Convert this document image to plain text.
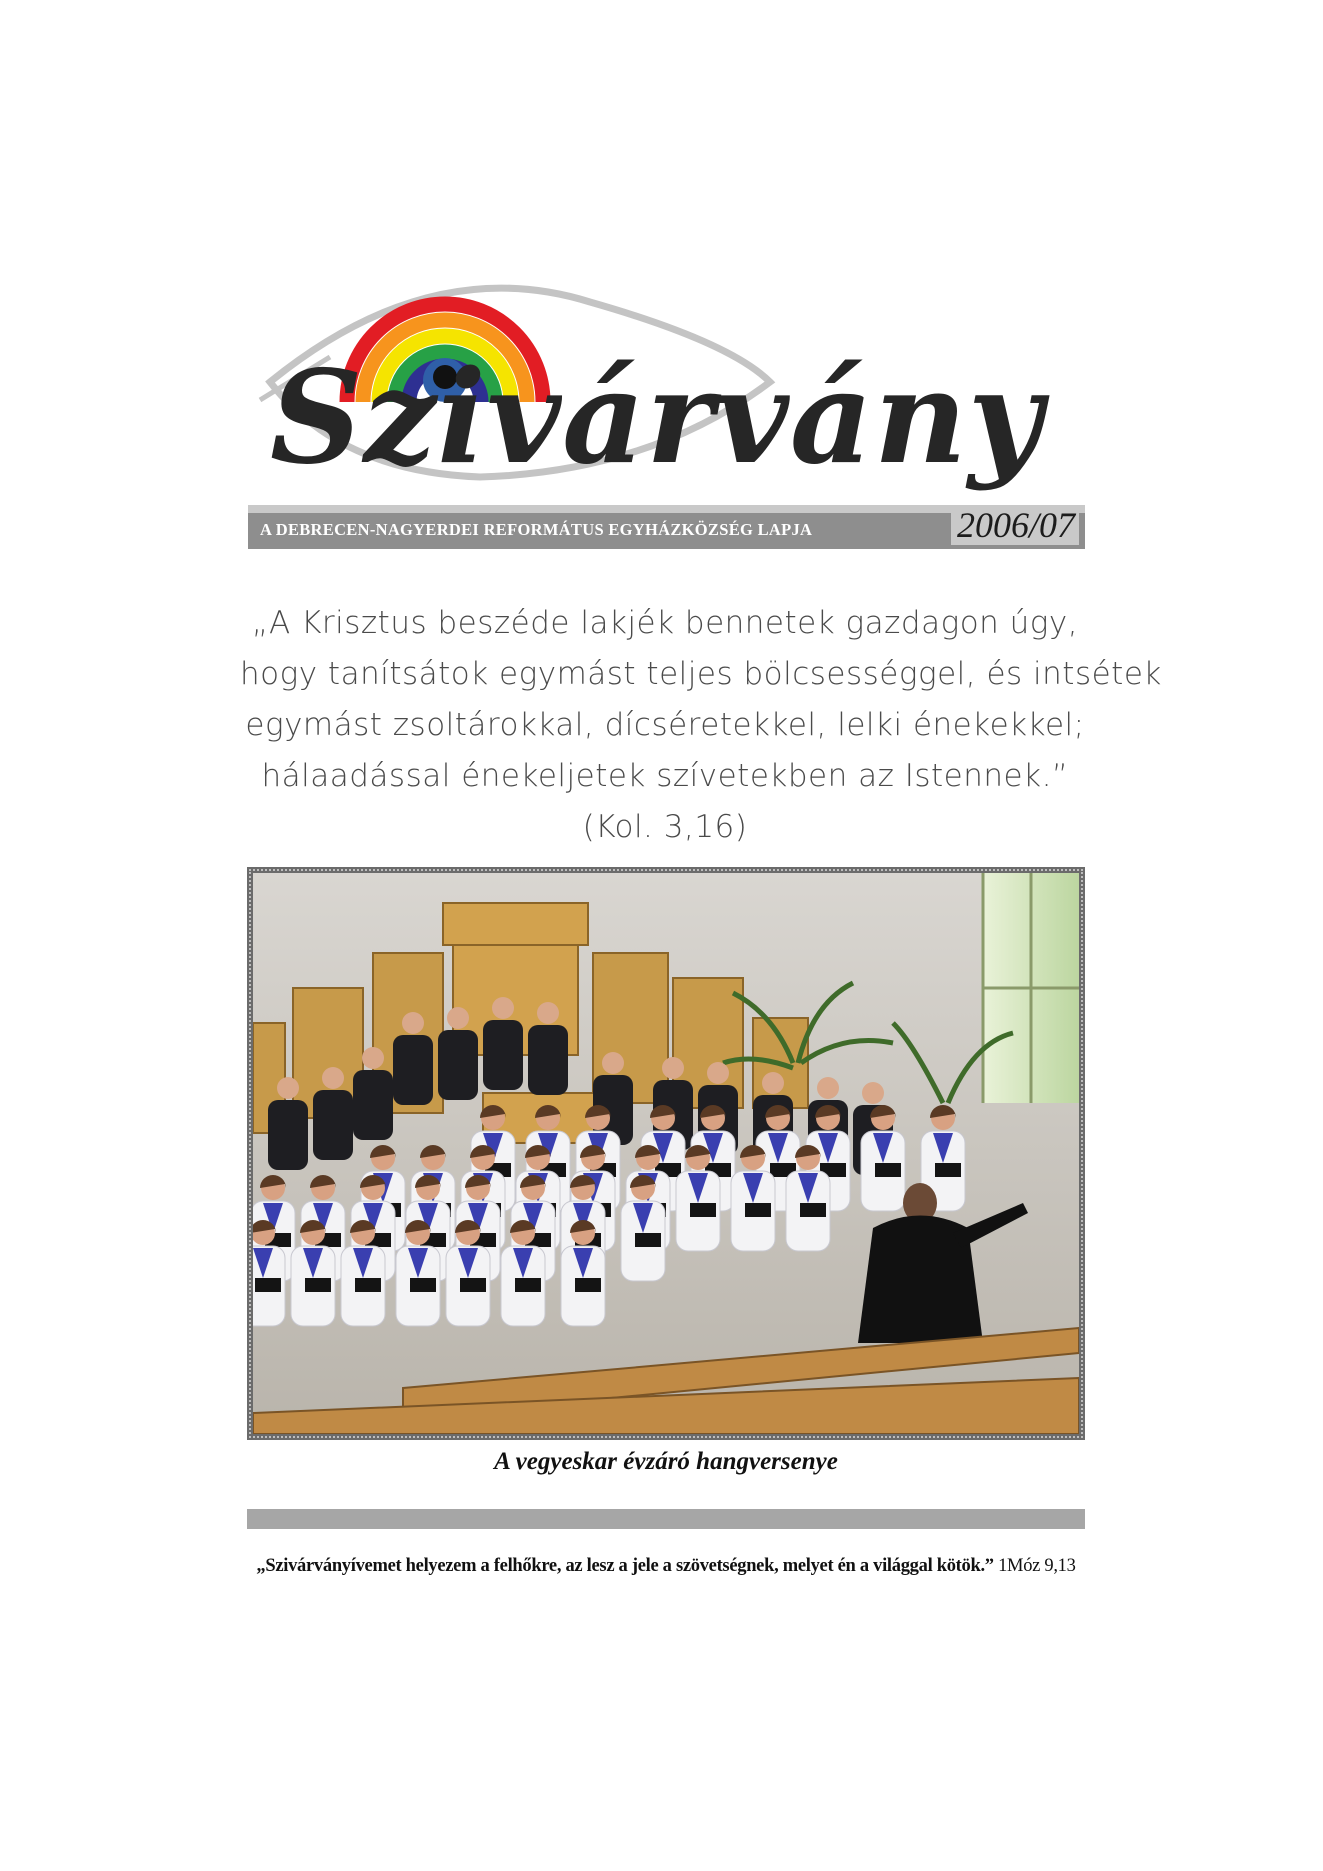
Szivárvány
A DEBRECEN-NAGYERDEI REFORMÁTUS EGYHÁZKÖZSÉG LAPJA	2006/07
„A Krisztus beszéde lakjék bennetek gazdagon úgy,
hogy tanítsátok egymást teljes bölcsességgel, és intsétek
egymást zsoltárokkal, dícséretekkel, lelki énekekkel;
hálaadással énekeljetek szívetekben az Istennek.”
(Kol. 3,16)
A vegyeskar évzáró hangversenye
„Szivárványívemet helyezem a felhőkre, az lesz a jele a szövetségnek, melyet én a világgal kötök.” 1Móz 9,13
